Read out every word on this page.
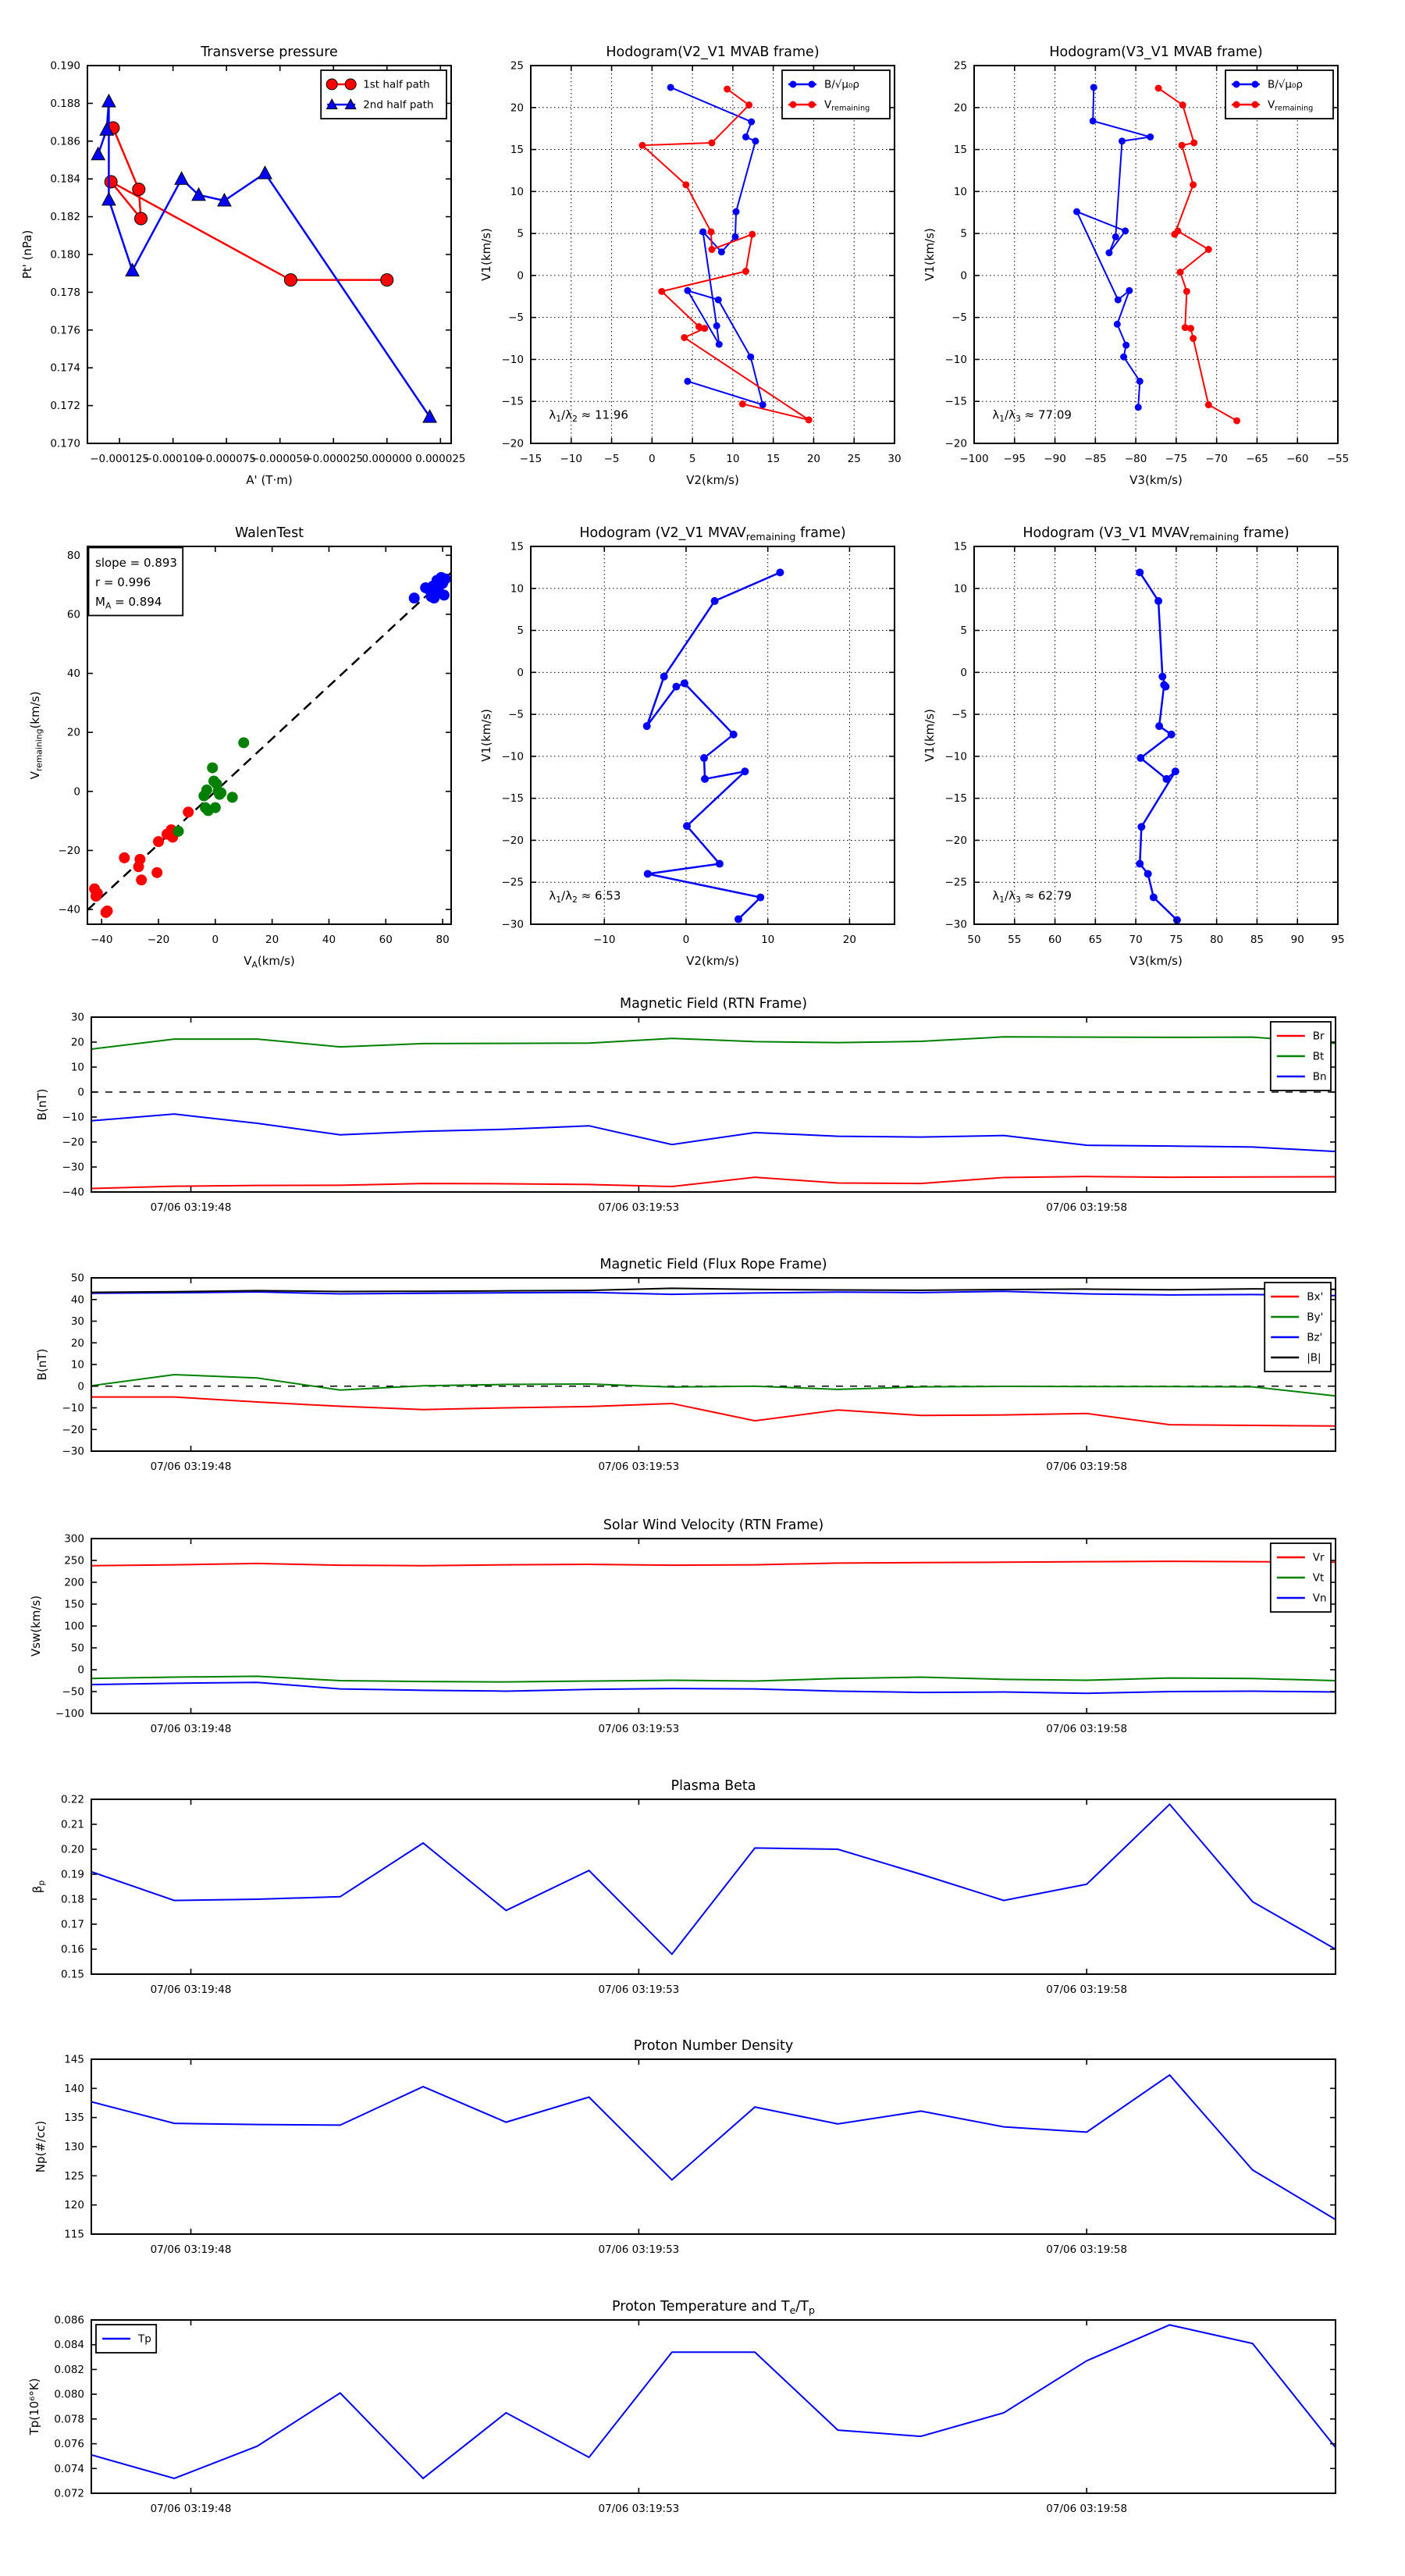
−0.000125
−0.000100
−0.000075
−0.000050
−0.000025
0.000000 0.000025
0.170
0.172
0.174
0.176
0.178
0.180
0.182
0.184
0.186
0.188
0.190
Transverse pressure
A' (T·m)
Pt' (nPa)
1st half path
2nd half path
−15 −10 −5	0	5	10	15	20	25	30
−20
−15
−10
−5
0
5
10
15
20
25
Hodogram(V2_V1 MVAB frame)
V2(km/s)
V1(km/s)
$\lambda_1/\lambda_2 \approx 11.96$
B/√μ₀ρ
$V_{remaining}$
−100 −95 −90 −85 −80 −75 −70 −65 −60 −55
−20
−15
−10
−5
0
5
10
15
20
25
Hodogram(V3_V1 MVAB frame)
V3(km/s)
V1(km/s)
$\lambda_1/\lambda_3 \approx 77.09$
B/√μ₀ρ
$V_{remaining}$
−40	−20	0	20	40	60	80
−40
−20
0
20
40
60
80
WalenTest
$V_A(km/s)$
$V_{remaining}(km/s)$
slope = 0.893
r = 0.996
$M_A = 0.894$
−10	0	10	20
−30
−25
−20
−15
−10
−5
0
5
10
15
Hodogram (V2_V1 $MVAV_{remaining}$ frame)
V2(km/s)
V1(km/s)
$\lambda_1/\lambda_2 \approx 6.53$
50	55	60	65	70	75	80	85	90	95
−30
−25
−20
−15
−10
−5
0
5
10
15
Hodogram (V3_V1 $MVAV_{remaining}$ frame)
V3(km/s)
V1(km/s)
$\lambda_1/\lambda_3 \approx 62.79$
07/06 03:19:48	07/06 03:19:53	07/06 03:19:58
−40
−30
−20
−10
0
10
20
30
Magnetic Field (RTN Frame)
B(nT)
Br
Bt
Bn
07/06 03:19:48	07/06 03:19:53	07/06 03:19:58
−30
−20
−10
0
10
20
30
40
50
Magnetic Field (Flux Rope Frame)
B(nT)
Bx'
By'
Bz'
|B|
07/06 03:19:48	07/06 03:19:53	07/06 03:19:58
−100
−50
0
50
100
150
200
250
300
Solar Wind Velocity (RTN Frame)
Vsw(km/s)
Vr
Vt
Vn
07/06 03:19:48	07/06 03:19:53	07/06 03:19:58
0.15
0.16
0.17
0.18
0.19
0.20
0.21
0.22
Plasma Beta
$\beta_p$
07/06 03:19:48	07/06 03:19:53	07/06 03:19:58
115
120
125
130
135
140
145
Proton Number Density
Np(#/cc)
07/06 03:19:48	07/06 03:19:53	07/06 03:19:58
0.072
0.074
0.076
0.078
0.080
0.082
0.084
0.086
Proton Temperature and $T_e/T_p$
Tp(10⁶°K)
Tp
